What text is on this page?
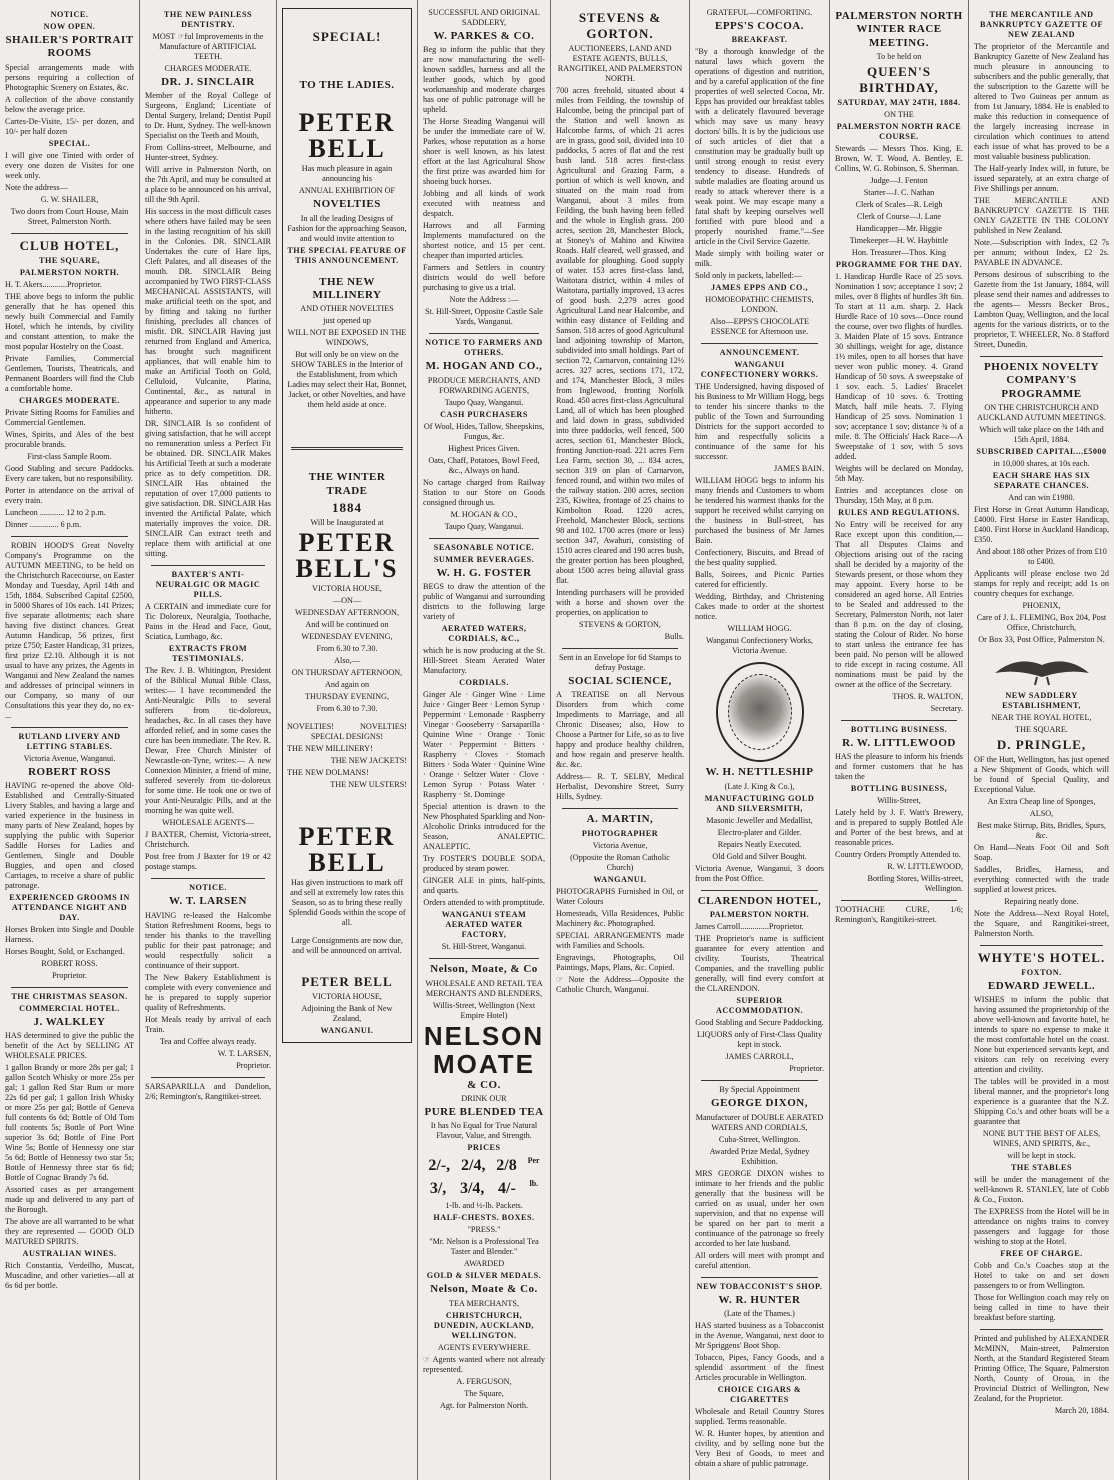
NOTICE.
NOW OPEN.
SHAILER'S PORTRAIT ROOMS

Special arrangements made with persons requiring a collection of Photographic Scenery on Estates, &c.

A collection of the above constantly below the average price.

Cartes-De-Visite, 15/- per dozen, and 10/- per half dozen

SPECIAL.

I will give one Tinted with order of every one dozen de Visites for one week only.

Note the address—

G. W. SHAILER,

Two doors from Court House, Main Street, Palmerston North.

CLUB HOTEL,
THE SQUARE,
PALMERSTON NORTH.

H. T. Akers............Proprietor.

THE above begs to inform the public generally that he has opened this newly built Commercial and Family Hotel, which he intends, by civility and constant attention, to make the most popular Hostelry on the Coast.

Private Families, Commercial Gentlemen, Tourists, Theatricals, and Permanent Boarders will find the Club a comfortable home.

CHARGES MODERATE.

Private Sitting Rooms for Families and Commercial Gentlemen.

Wines, Spirits, and Ales of the best procurable brands.

First-class Sample Room.

Good Stabling and secure Paddocks. Every care taken, but no responsibility.

Porter in attendance on the arrival of every train.

Luncheon ............ 12 to 2 p.m.

Dinner .............. 6 p.m.

ROBIN HOOD'S Great Novelty Company's Programme on the AUTUMN MEETING, to be held on the Christchurch Racecourse, on Easter Monday and Tuesday, April 14th and 15th, 1884. Subscribed Capital £2500, in 5000 Shares of 10s each. 141 Prizes; five separate allotments; each share having five distinct chances. Great Autumn Handicap, 56 prizes, first prize £750; Easter Handicap, 31 prizes, first prize £2.10. Although it is not usual to have any prizes, the Agents in Wanganui and New Zealand the names and addresses of principal winners in our Company, so many of our Consultations this year they do, no ex- ...

RUTLAND LIVERY AND LETTING STABLES.

Victoria Avenue, Wanganui.

ROBERT ROSS

HAVING re-opened the above Old-Established and Centrally-Situated Livery Stables, and having a large and varied experience in the business in many parts of New Zealand, hopes by supplying the public with Superior Saddle Horses for Ladies and Gentlemen, Single and Double Buggies, and open and closed Carriages, to receive a share of public patronage.

EXPERIENCED GROOMS IN ATTENDANCE NIGHT AND DAY.

Horses Broken into Single and Double Harness.

Horses Bought, Sold, or Exchanged.

ROBERT ROSS.

Proprietor.

THE CHRISTMAS SEASON.
COMMERCIAL HOTEL.
J. WALKLEY

HAS determined to give the public the benefit of the Act by SELLING AT WHOLESALE PRICES.

1 gallon Brandy or more 28s per gal; 1 gallon Scotch Whisky or more 25s per gal; 1 gallon Red Star Rum or more 22s 6d per gal; 1 gallon Irish Whisky or more 25s per gal; Bottle of Geneva full contents 6s 6d; Bottle of Old Tom full contents 5s; Bottle of Port Wine superior 3s 6d; Bottle of Fine Port Wine 5s; Bottle of Hennessy one star 5s 6d; Bottle of Hennessy two star 5s; Bottle of Hennessy three star 6s 6d; Bottle of Cognac Brandy 7s 6d.

Assorted cases as per arrangement made up and delivered to any part of the Borough.

The above are all warranted to be what they are represented — GOOD OLD MATURED SPIRITS.

AUSTRALIAN WINES.

Rich Constantia, Verdeilho, Muscat, Muscadine, and other varieties—all at 6s 6d per bottle.

THE NEW PAINLESS DENTISTRY.

MOST ☞ful Improvements in the Manufacture of ARTIFICIAL TEETH.

CHARGES MODERATE.

DR. J. SINCLAIR

Member of the Royal College of Surgeons, England; Licentiate of Dental Surgery, Ireland; Dentist Pupil to Dr. Hunt, Sydney. The well-known Specialist on the Teeth and Mouth,

From Collins-street, Melbourne, and Hunter-street, Sydney.

Will arrive in Palmerston North, on the 7th April, and may be consulted at a place to be announced on his arrival, till the 9th April.

His success in the most difficult cases where others have failed may be seen in the lasting recognition of his skill in the Colonies. DR. SINCLAIR Undertakes the cure of Hare lips, Cleft Palates, and all diseases of the mouth. DR. SINCLAIR Being accompanied by TWO FIRST-CLASS MECHANICAL ASSISTANTS, will make artificial teeth on the spot, and by fitting and taking no further finishing, precludes all chances of misfit. DR. SINCLAIR Having just returned from England and America, has brought such magnificent appliances, that will enable him to make an Artificial Tooth on Gold, Celluloid, Vulcanite, Platina, Continental, &c., as natural in appearance and superior to any made hitherto.

DR. SINCLAIR Is so confident of giving satisfaction, that he will accept no remuneration unless a Perfect Fit be obtained. DR. SINCLAIR Makes his Artificial Teeth at such a moderate price as to defy competition. DR. SINCLAIR Has obtained the reputation of over 17,000 patients to give satisfaction. DR. SINCLAIR Has invented the Artificial Palate, which materially improves the voice. DR. SINCLAIR Can extract teeth and replace them with artificial at one sitting.

BAXTER'S ANTI-NEURALGIC OR MAGIC PILLS.

A CERTAIN and immediate cure for Tic Doloreux, Neuralgia, Toothache, Pains in the Head and Face, Gout, Sciatica, Lumbago, &c.

EXTRACTS FROM TESTIMONIALS.

The Rev. J. B. Whitington, President of the Biblical Mutual Bible Class, writes:— I have recommended the Anti-Neuralgic Pills to several sufferers from tic-doloreux, headaches, &c. In all cases they have afforded relief, and in some cases the cure has been immediate. The Rev. R. Dewar, Free Church Minister of Newcastle-on-Tyne, writes:— A new Connexion Minister, a friend of mine, suffered severely from tic-doloreux for some time. He took one or two of your Anti-Neuralgic Pills, and at the morning he was quite well.

WHOLESALE AGENTS—

J BAXTER, Chemist, Victoria-street, Christchurch.

Post free from J Baxter for 19 or 42 postage stamps.

NOTICE.
W. T. LARSEN

HAVING re-leased the Halcombe Station Refreshment Rooms, begs to tender his thanks to the travelling public for their past patronage; and would respectfully solicit a continuance of their support.

The New Bakery Establishment is complete with every convenience and he is prepared to supply superior quality of Refreshments.

Hot Meals ready by arrival of each Train.

Tea and Coffee always ready.

W. T. LARSEN,

Proprietor.

SARSAPARILLA and Dandelion, 2/6; Remington's, Rangitikei-street.

SPECIAL!
TO THE LADIES.
PETER BELL

Has much pleasure in again announcing his

ANNUAL EXHIBITION OF

NOVELTIES

In all the leading Designs of Fashion for the approaching Season, and would invite attention to

THE SPECIAL FEATURE OF THIS ANNOUNCEMENT.
THE NEW MILLINERY

AND OTHER NOVELTIES

just opened up

WILL NOT BE EXPOSED IN THE WINDOWS,

But will only be on view on the SHOW TABLES in the Interior of the Establishment, from which Ladies may select their Hat, Bonnet, Jacket, or other Novelties, and have them held aside at once.

THE WINTER TRADE
1884

Will be Inaugurated at

PETER BELL'S

VICTORIA HOUSE,

—ON—

WEDNESDAY AFTERNOON,

And will be continued on

WEDNESDAY EVENING,

From 6.30 to 7.30.

Also,—

ON THURSDAY AFTERNOON,

And again on

THURSDAY EVENING,

From 6.30 to 7.30.

NOVELTIES!	NOVELTIES!

SPECIAL DESIGNS!

THE NEW MILLINERY!

THE NEW JACKETS!

THE NEW DOLMANS!

THE NEW ULSTERS!

PETER BELL

Has given instructions to mark off and sell at extremely low rates this Season, so as to bring these really Splendid Goods within the scope of all.

Large Consignments are now due, and will be announced on arrival.

PETER BELL

VICTORIA HOUSE,

Adjoining the Bank of New Zealand,

WANGANUI.

SUCCESSFUL AND ORIGINAL SADDLERY,

W. PARKES & CO.

Beg to inform the public that they are now manufacturing the well-known saddles, harness and all the leather goods, which by good workmanship and moderate charges has one of public patronage will be upheld.

The Horse Steading Wanganui will be under the immediate care of W. Parkes, whose reputation as a horse shoer is well known, as his latest effort at the last Agricultural Show the first prize was awarded him for shoeing buck horses.

Jobbing and all kinds of work executed with neatness and despatch.

Harrows and all Farming Implements manufactured on the shortest notice, and 15 per cent. cheaper than imported articles.

Farmers and Settlers in country districts would do well before purchasing to give us a trial.

Note the Address :—

St. Hill-Street, Opposite Castle Sale Yards, Wanganui.

NOTICE TO FARMERS AND OTHERS.
M. HOGAN AND CO.,

PRODUCE MERCHANTS, AND FORWARDING AGENTS,

Taupo Quay, Wanganui.

CASH PURCHASERS

Of Wool, Hides, Tallow, Sheepskins, Fungus, &c.

Highest Prices Given.

Oats, Chaff, Potatoes, Bowl Feed, &c., Always on hand.

No cartage charged from Railway Station to our Store on Goods consigned through us.

M. HOGAN & CO.,

Taupo Quay, Wanganui.

SEASONABLE NOTICE.
SUMMER BEVERAGES.
W. H. G. FOSTER

BEGS to draw the attention of the public of Wanganui and surrounding districts to the following large variety of

AERATED WATERS, CORDIALS, &C.,

which he is now producing at the St. Hill-Street Steam Aerated Water Manufactory.

CORDIALS.

Ginger Ale · Ginger Wine · Lime Juice · Ginger Beer · Lemon Syrup · Peppermint · Lemonade · Raspberry Vinegar · Gooseberry · Sarsaparilla · Quinine Wine · Orange · Tonic Water · Peppermint · Bitters · Raspberry · Cloves · Stomach Bitters · Soda Water · Quinine Wine · Orange · Seltzer Water · Clove · Lemon Syrup · Potass Water · Raspberry · St. Dominge

Special attention is drawn to the New Phosphated Sparkling and Non-Alcoholic Drinks introduced for the Season, ANALEPTIC. ANALEPTIC.

Try FOSTER'S DOUBLE SODA, produced by steam power.

GINGER ALE in pints, half-pints, and quarts.

Orders attended to with promptitude.

WANGANUI STEAM AERATED WATER FACTORY,

St. Hill-Street, Wanganui.

Nelson, Moate, & Co

WHOLESALE AND RETAIL TEA MERCHANTS AND BLENDERS,

Willis-Street, Wellington (Next Empire Hotel)

NELSON
MOATE
& CO.

DRINK OUR

PURE BLENDED TEA

It has No Equal for True Natural Flavour, Value, and Strength.

PRICES
2/-, 2/4, 2/8 Per
3/, 3/4, 4/- lb.

1-lb. and ½-lb. Packets.

HALF-CHESTS. BOXES.

"PRESS."

"Mr. Nelson is a Professional Tea Taster and Blender."

AWARDED

GOLD & SILVER MEDALS.
Nelson, Moate & Co.

TEA MERCHANTS,

CHRISTCHURCH, DUNEDIN, AUCKLAND, WELLINGTON.

AGENTS EVERYWHERE.

☞ Agents wanted where not already represented.

A. FERGUSON,

The Square,

Agt. for Palmerston North.

STEVENS & GORTON.

AUCTIONEERS, LAND AND ESTATE AGENTS, BULLS, RANGITIKEI, AND PALMERSTON NORTH.

700 acres freehold, situated about 4 miles from Feilding, the township of Halcombe, being the principal part of the Station and well known as Halcombe farms, of which 21 acres are in grass, good soil, divided into 10 paddocks, 5 acres of flat and the rest bush land. 518 acres first-class Agricultural and Grazing Farm, a portion of which is well known, and situated on the main road from Wanganui, about 3 miles from Feilding, the bush having been felled and the whole in English grass. 200 acres, section 28, Manchester Block, at Stoney's of Mahino and Kiwitea Roads. Half cleared, well grassed, and available for ploughing. Good supply of water. 153 acres first-class land, Waitotara district, within 4 miles of Waitotara, partially improved, 13 acres of good bush. 2,279 acres good Agricultural Land near Halcombe, and within easy distance of Feilding and Sanson. 518 acres of good Agricultural land adjoining township of Marton, subdivided into small holdings. Part of section 72, Carnarvon, containing 12½ acres. 327 acres, sections 171, 172, and 174, Manchester Block, 3 miles from Inglewood, fronting Norfolk Road. 450 acres first-class Agricultural Land, all of which has been ploughed and laid down in grass, subdivided into three paddocks, well fenced, 500 acres, section 61, Manchester Block, fronting Junction-road. 221 acres Fern Lea Farm, section 30, ... 834 acres, section 319 on plan of Carnarvon, fenced round, and within two miles of the railway station. 200 acres, section 235, Kiwitea, frontage of 25 chains to Kimbolton Road. 1220 acres, Freehold, Manchester Block, sections 98 and 102. 1700 acres (more or less) section 347, Awahuri, consisting of 1510 acres cleared and 190 acres bush, the greater portion has been ploughed, about 1500 acres being alluvial grass flat.

Intending purchasers will be provided with a horse and shown over the properties, on application to

STEVENS & GORTON,

Bulls.

Sent in an Envelope for 6d Stamps to defray Postage.

SOCIAL SCIENCE,

A TREATISE on all Nervous Disorders from which come Impediments to Marriage, and all Chronic Diseases; also, How to Choose a Partner for Life, so as to live happy and produce healthy children, and how regain and preserve health. &c. &c.

Address— R. T. SELBY, Medical Herbalist, Devonshire Street, Surry Hills, Sydney.

A. MARTIN,
PHOTOGRAPHER

Victoria Avenue,

(Opposite the Roman Catholic Church)

WANGANUI.

PHOTOGRAPHS Furnished in Oil, or Water Colours

Homesteads, Villa Residences, Public Machinery &c. Photographed.

SPECIAL ARRANGEMENTS made with Families and Schools.

Engravings, Photographs, Oil Paintings, Maps, Plans, &c. Copied.

☞ Note the Address—Opposite the Catholic Church, Wanganui.

GRATEFUL—COMFORTING.

EPPS'S COCOA.
BREAKFAST.

"By a thorough knowledge of the natural laws which govern the operations of digestion and nutrition, and by a careful application of the fine properties of well selected Cocoa, Mr. Epps has provided our breakfast tables with a delicately flavoured beverage which may save us many heavy doctors' bills. It is by the judicious use of such articles of diet that a constitution may be gradually built up until strong enough to resist every tendency to disease. Hundreds of subtle maladies are floating around us ready to attack wherever there is a weak point. We may escape many a fatal shaft by keeping ourselves well fortified with pure blood and a properly nourished frame."—See article in the Civil Service Gazette.

Made simply with boiling water or milk.

Sold only in packets, labelled:—

JAMES EPPS AND CO.,

HOMOEOPATHIC CHEMISTS, LONDON.

Also—EPPS'S CHOCOLATE ESSENCE for Afternoon use.

ANNOUNCEMENT.
WANGANUI CONFECTIONERY WORKS.

THE Undersigned, having disposed of his Business to Mr William Hogg, begs to tender his sincere thanks to the public of the Town and Surrounding Districts for the support accorded to him and respectfully solicits a continuance of the same for his successor.

JAMES BAIN.

WILLIAM HOGG begs to inform his many friends and Customers to whom he tendered his warmest thanks for the support he received whilst carrying on the business in Bull-street, has purchased the business of Mr James Bain.

Confectionery, Biscuits, and Bread of the best quality supplied.

Balls, Soirees, and Picnic Parties catered for efficiently.

Wedding, Birthday, and Christening Cakes made to order at the shortest notice.

WILLIAM HOGG.

Wanganui Confectionery Works, Victoria Avenue.

W. H. NETTLESHIP

(Late J. King & Co.),

MANUFACTURING GOLD AND SILVERSMITH,

Masonic Jeweller and Medallist,

Electro-plater and Gilder.

Repairs Neatly Executed.

Old Gold and Silver Bought.

Victoria Avenue, Wanganui, 3 doors from the Post Office.

CLARENDON HOTEL,
PALMERSTON NORTH.

James Carroll..............Proprietor.

THE Proprietor's name is sufficient guarantee for every attention and civility. Tourists, Theatrical Companies, and the travelling public generally, will find every comfort at the CLARENDON.

SUPERIOR ACCOMMODATION.

Good Stabling and Secure Paddocking.

LIQUORS only of First-Class Quality kept in stock.

JAMES CARROLL,

Proprietor.

By Special Appointment

GEORGE DIXON,

Manufacturer of DOUBLE AERATED WATERS AND CORDIALS,

Cuba-Street, Wellington.

Awarded Prize Medal, Sydney Exhibition.

MRS GEORGE DIXON wishes to intimate to her friends and the public generally that the business will be carried on as usual, under her own supervision, and that no expense will be spared on her part to merit a continuance of the patronage so freely accorded to her late husband.

All orders will meet with prompt and careful attention.

NEW TOBACCONIST'S SHOP.
W. R. HUNTER

(Late of the Thames.)

HAS started business as a Tobacconist in the Avenue, Wanganui, next door to Mr Spriggens' Boot Shop.

Tobacco, Pipes, Fancy Goods, and a splendid assortment of the finest Articles procurable in Wellington.

CHOICE CIGARS & CIGARETTES

Wholesale and Retail Country Stores supplied. Terms reasonable.

W. R. Hunter hopes, by attention and civility, and by selling none but the Very Best of Goods, to meet and obtain a share of public patronage.

PALMERSTON NORTH WINTER RACE MEETING.

To be held on

QUEEN'S BIRTHDAY,
SATURDAY, MAY 24TH, 1884.

ON THE

PALMERSTON NORTH RACE COURSE.

Stewards — Messrs Thos. King, E. Brown, W. T. Wood, A. Bentley, E. Collins, W. G. Robinson, S. Sherman.

Judge—J. Fenton

Starter—J. C. Nathan

Clerk of Scales—R. Leigh

Clerk of Course—J. Lane

Handicapper—Mr. Higgie

Timekeeper—H. W. Haybittle

Hon. Treasurer—Thos. King

PROGRAMME FOR THE DAY.

1. Handicap Hurdle Race of 25 sovs. Nomination 1 sov; acceptance 1 sov; 2 miles, over 8 flights of hurdles 3ft 6in. To start at 11 a.m. sharp. 2. Hack Hurdle Race of 10 sovs—Once round the course, over two flights of hurdles. 3. Maiden Plate of 15 sovs. Entrance 30 shillings, weight for age, distance 1½ miles, open to all horses that have never won public money. 4. Grand Handicap of 50 sovs. A sweepstake of 1 sov. each. 5. Ladies' Bracelet Handicap of 10 sovs. 6. Trotting Match, half mile heats. 7. Flying Handicap of 25 sovs. Nomination 1 sov; acceptance 1 sov; distance ¾ of a mile. 8. The Officials' Hack Race—A Sweepstake of 1 sov, with 5 sovs added.

Weights will be declared on Monday, 5th May.

Entries and acceptances close on Thursday, 15th May, at 8 p.m.

RULES AND REGULATIONS.

No Entry will be received for any Race except upon this condition,— That all Disputes Claims and Objections arising out of the racing shall be decided by a majority of the Stewards present, or those whom they may appoint. Every horse to be considered an aged horse. All Entries to be Sealed and addressed to the Secretary, Palmerston North, not later than 8 p.m. on the day of closing, stating the Colour of Rider. No horse to start unless the entrance fee has been paid. No person will be allowed to ride except in racing costume. All nominations must be paid by the owner at the office of the Secretary.

THOS. R. WALTON,

Secretary.

BOTTLING BUSINESS.
R. W. LITTLEWOOD

HAS the pleasure to inform his friends and former customers that he has taken the

BOTTLING BUSINESS,

Willis-Street,

Lately held by J. F. Watt's Brewery, and is prepared to supply Bottled Ale and Porter of the best brews, and at reasonable prices.

Country Orders Promptly Attended to.

R. W. LITTLEWOOD,

Bottling Stores, Willis-street, Wellington.

TOOTHACHE CURE, 1/6; Remington's, Rangitikei-street.

THE MERCANTILE AND BANKRUPTCY GAZETTE OF NEW ZEALAND

The proprietor of the Mercantile and Bankruptcy Gazette of New Zealand has much pleasure in announcing to subscribers and the public generally, that the subscription to the Gazette will be altered to Two Guineas per annum as from 1st January, 1884. He is enabled to make this reduction in consequence of the largely increasing increase in circulation which continues to attend each issue of what has proved to be a most valuable business publication.

The Half-yearly Index will, in future, be issued separately, at an extra charge of Five Shillings per annum.

THE MERCANTILE AND BANKRUPTCY GAZETTE IS THE ONLY GAZETTE IN THE COLONY published in New Zealand.

Note.—Subscription with Index, £2 7s per annum; without Index, £2 2s. PAYABLE IN ADVANCE.

Persons desirous of subscribing to the Gazette from the 1st January, 1884, will please send their names and addresses to the agents— Messrs Becker Bros., Lambton Quay, Wellington, and the local agents for the various districts, or to the proprietor, T. WHEELER, No. 8 Stafford Street, Dunedin.

PHOENIX NOVELTY COMPANY'S PROGRAMME

ON THE CHRISTCHURCH AND AUCKLAND AUTUMN MEETINGS.

Which will take place on the 14th and 15th April, 1884.

SUBSCRIBED CAPITAL...£5000

in 10,000 shares, at 10s each.

EACH SHARE HAS SIX SEPARATE CHANCES.

And can win £1980.

First Horse in Great Autumn Handicap, £4000. First Horse in Easter Handicap, £400. First Horse in Auckland Handicap, £350.

And about 188 other Prizes of from £10 to £400.

Applicants will please enclose two 2d stamps for reply and receipt; add 1s on country cheques for exchange.

PHOENIX,

Care of J. L. FLEMING, Box 204, Post Office, Christchurch,

Or Box 33, Post Office, Palmerston N.

NEW SADDLERY ESTABLISHMENT,

NEAR THE ROYAL HOTEL,

THE SQUARE.

D. PRINGLE,

OF the Hutt, Wellington, has just opened a New Shipment of Goods, which will be found of Special Quality, and Exceptional Value.

An Extra Cheap line of Sponges,

ALSO,

Best make Stirrup, Bits, Bridles, Spurs, &c.

On Hand—Neats Foot Oil and Soft Soap.

Saddles, Bridles, Harness, and everything connected with the trade supplied at lowest prices.

Repairing neatly done.

Note the Address—Next Royal Hotel, the Square, and Rangitikei-street, Palmerston North.

WHYTE'S HOTEL.
FOXTON.
EDWARD JEWELL.

WISHES to inform the public that having assumed the proprietorship of the above well-known and favorite hotel, he intends to spare no expense to make it the most comfortable hotel on the coast. None but experienced servants kept, and visitors can rely on receiving every attention and civility.

The tables will be provided in a most liberal manner, and the proprietor's long experience is a guarantee that the N.Z. Shipping Co.'s and other boats will be a guarantee that

NONE BUT THE BEST OF ALES, WINES, AND SPIRITS, &c.,

will be kept in stock.

THE STABLES

will be under the management of the well-known R. STANLEY, late of Cobb & Co., Foxton.

The EXPRESS from the Hotel will be in attendance on nights trains to convey passengers and luggage for those wishing to stop at the Hotel.

FREE OF CHARGE.

Cobb and Co.'s Coaches stop at the Hotel to take on and set down passengers to or from Wellington.

Those for Wellington coach may rely on being called in time to have their breakfast before starting.

Printed and published by ALEXANDER McMINN, Main-street, Palmerston North, at the Standard Registered Steam Printing Office, The Square, Palmerston North, County of Oroua, in the Provincial District of Wellington, New Zealand, for the Proprietor.

March 20, 1884.
